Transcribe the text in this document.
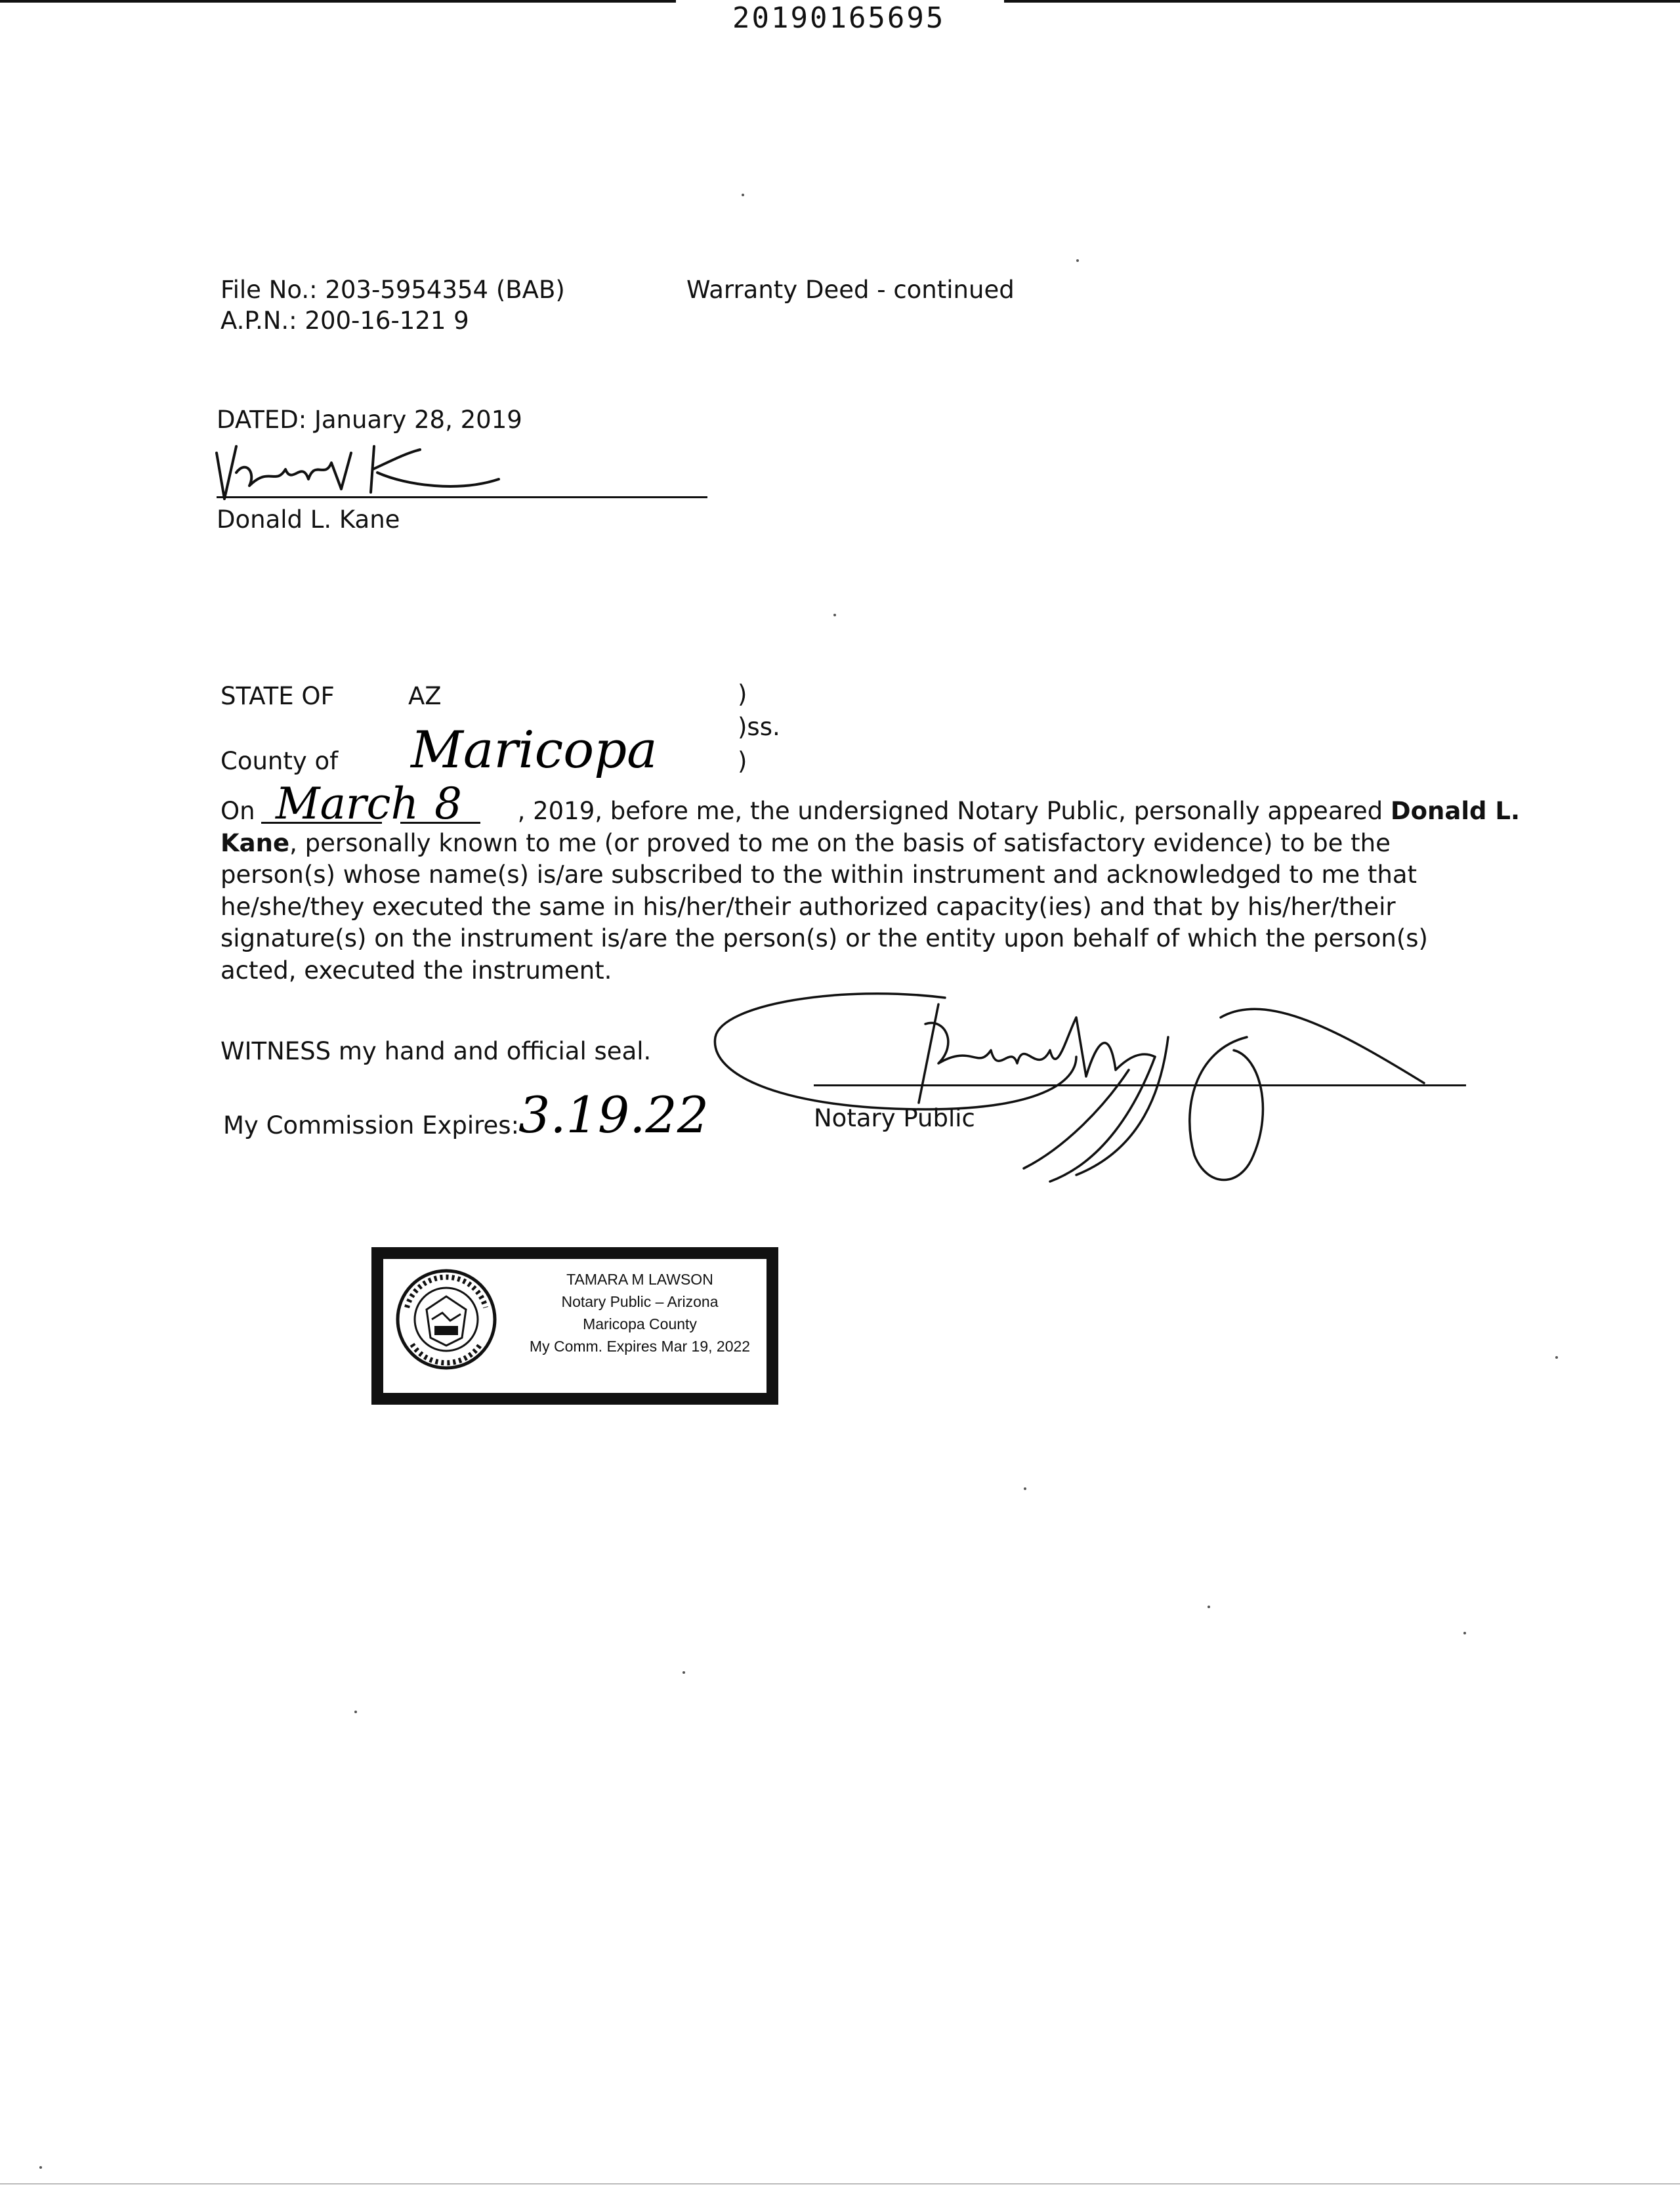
20190165695
File No.: 203-5954354 (BAB)
A.P.N.: 200-16-121 9
Warranty Deed - continued
DATED: January 28, 2019
Donald L. Kane
STATE OF	AZ
County of Maricopa
)
)ss.
)
March 8
On	, 2019, before me, the undersigned Notary Public, personally appeared Donald L.
Kane, personally known to me (or proved to me on the basis of satisfactory evidence) to be the
person(s) whose name(s) is/are subscribed to the within instrument and acknowledged to me that
he/she/they executed the same in his/her/their authorized capacity(ies) and that by his/her/their
signature(s) on the instrument is/are the person(s) or the entity upon behalf of which the person(s)
acted, executed the instrument.
WITNESS my hand and official seal.
My Commission Expires:
3.19.22	Notary Public
TAMARA M LAWSON
Notary Public – Arizona
Maricopa County
My Comm. Expires Mar 19, 2022
